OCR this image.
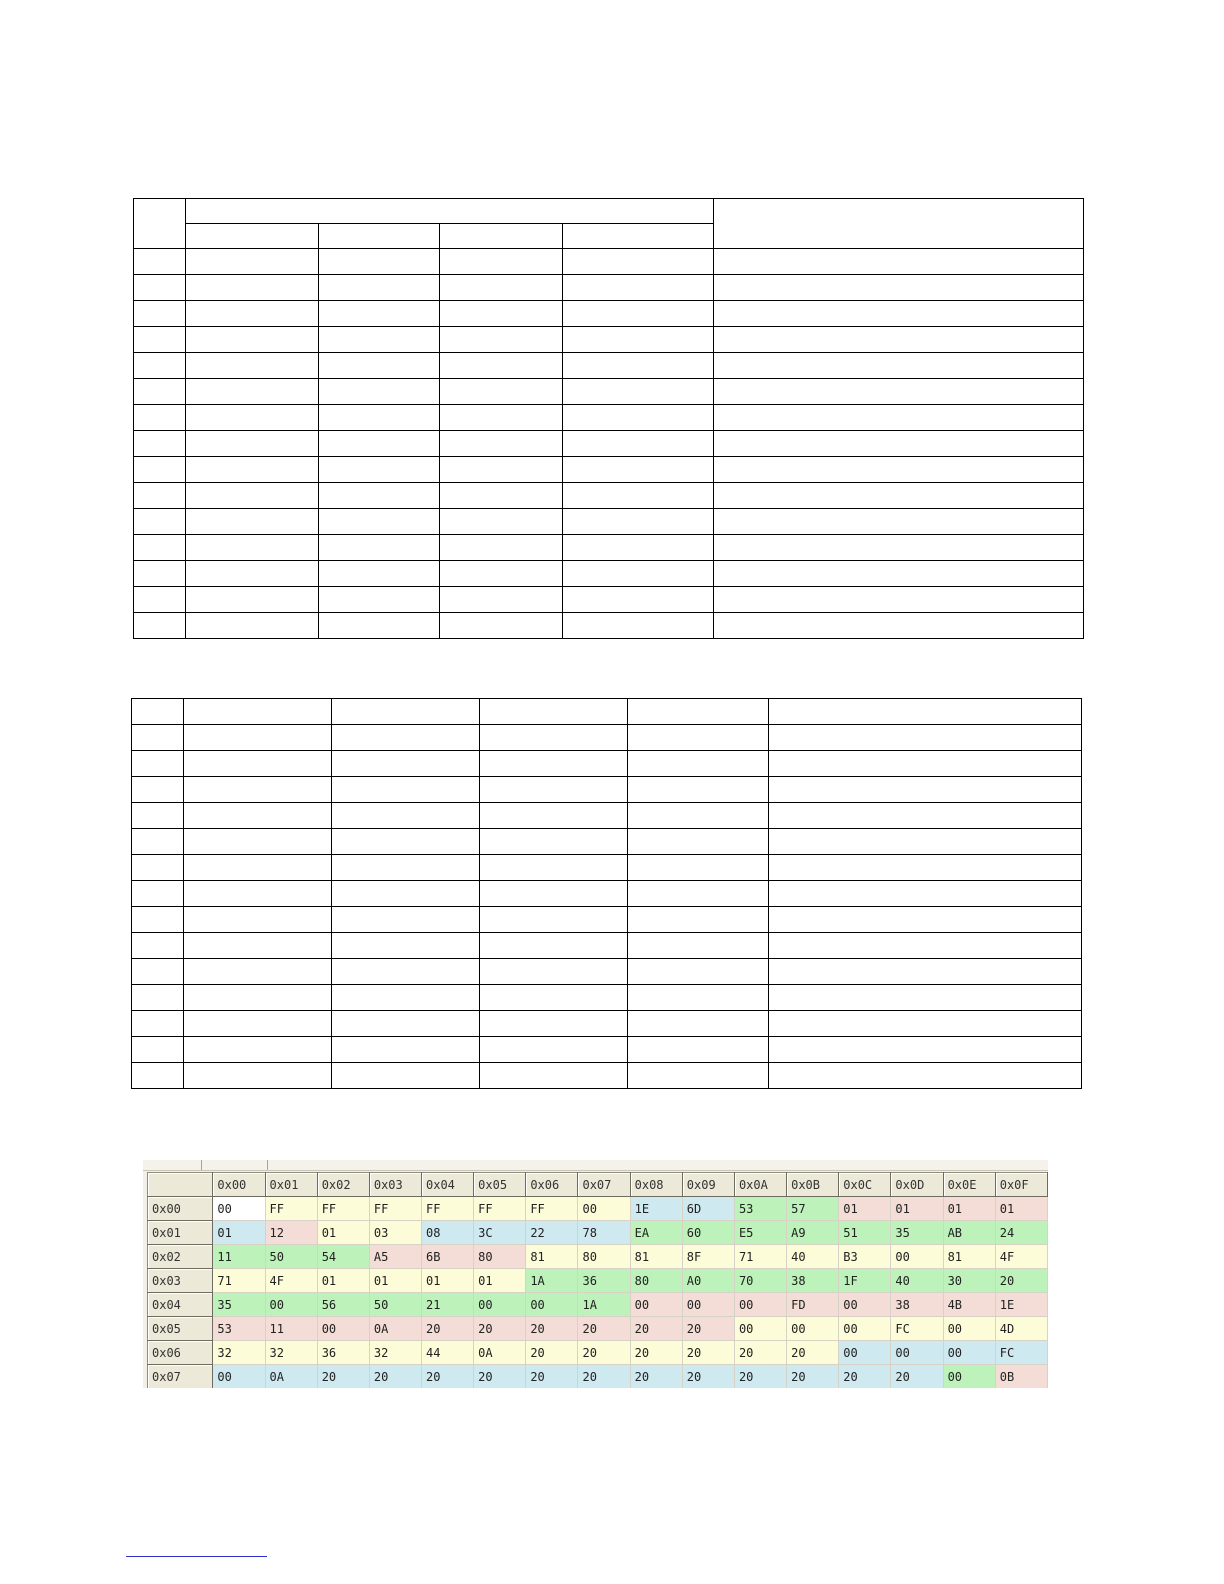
	0x00	0x01	0x02	0x03	0x04	0x05	0x06	0x07	0x08	0x09	0x0A	0x0B	0x0C	0x0D	0x0E	0x0F
0x00	00	FF	FF	FF	FF	FF	FF	00	1E	6D	53	57	01	01	01	01
0x01	01	12	01	03	08	3C	22	78	EA	60	E5	A9	51	35	AB	24
0x02	11	50	54	A5	6B	80	81	80	81	8F	71	40	B3	00	81	4F
0x03	71	4F	01	01	01	01	1A	36	80	A0	70	38	1F	40	30	20
0x04	35	00	56	50	21	00	00	1A	00	00	00	FD	00	38	4B	1E
0x05	53	11	00	0A	20	20	20	20	20	20	00	00	00	FC	00	4D
0x06	32	32	36	32	44	0A	20	20	20	20	20	20	00	00	00	FC
0x07	00	0A	20	20	20	20	20	20	20	20	20	20	20	20	00	0B
